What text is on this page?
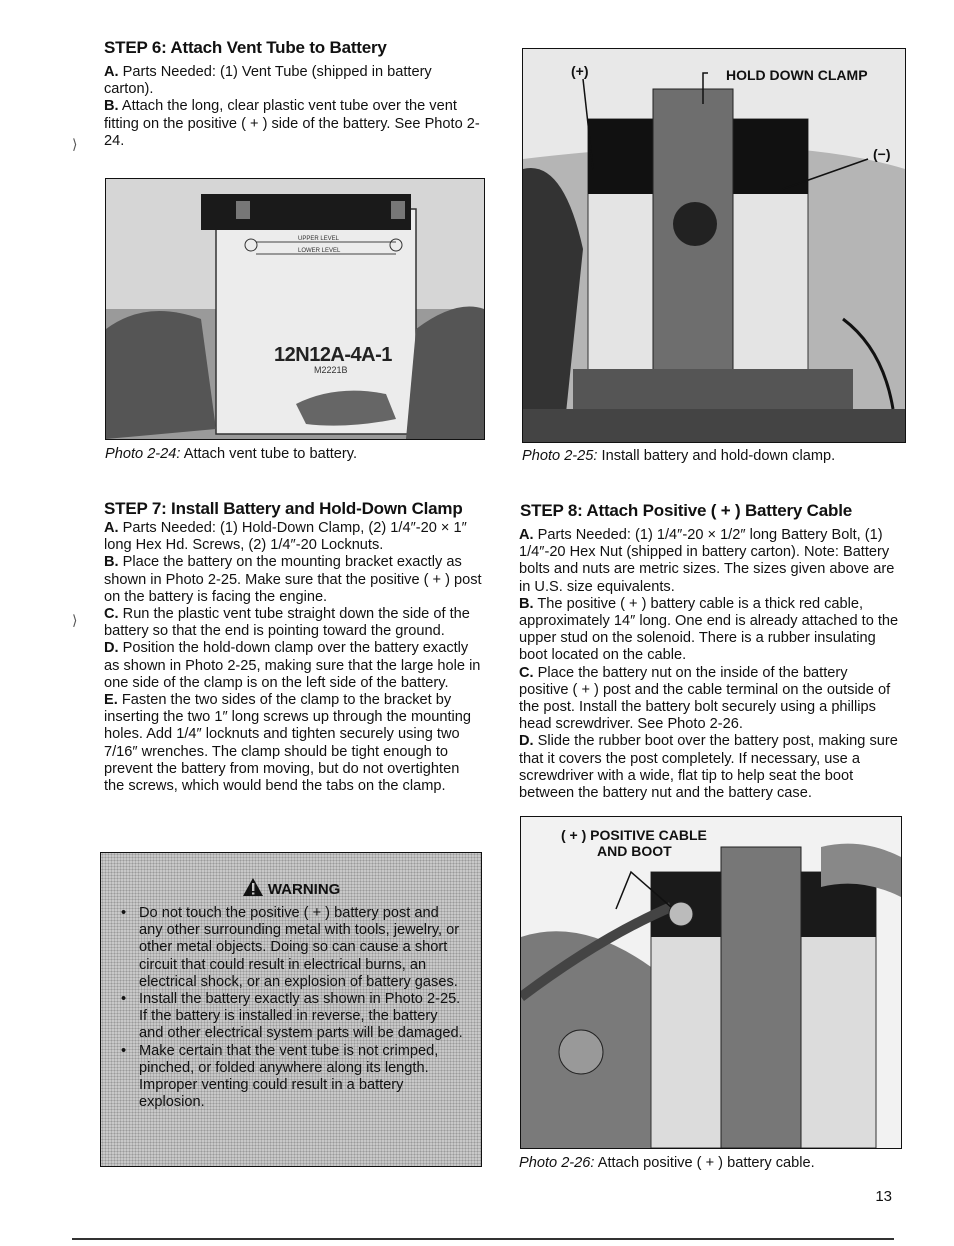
STEP 6: Attach Vent Tube to Battery

A. Parts Needed: (1) Vent Tube (shipped in battery carton).

B. Attach the long, clear plastic vent tube over the vent fitting on the positive ( + ) side of the battery. See Photo 2-24.

⟩
UPPER LEVEL
LOWER LEVEL
12N12A-4A-1
M2221B

Photo 2-24: Attach vent tube to battery.

STEP 7: Install Battery and Hold-Down Clamp

A. Parts Needed: (1) Hold-Down Clamp, (2) 1/4″-20 × 1″ long Hex Hd. Screws, (2) 1/4″-20 Locknuts.

B. Place the battery on the mounting bracket exactly as shown in Photo 2-25. Make sure that the positive ( + ) post on the battery is facing the engine.

C. Run the plastic vent tube straight down the side of the battery so that the end is pointing toward the ground.

D. Position the hold-down clamp over the battery exactly as shown in Photo 2-25, making sure that the large hole in one side of the clamp is on the left side of the battery.

E. Fasten the two sides of the clamp to the bracket by inserting the two 1″ long screws up through the mounting holes. Add 1/4″ locknuts and tighten securely using two 7/16″ wrenches. The clamp should be tight enough to prevent the battery from moving, but do not overtighten the screws, which would bend the tabs on the clamp.

⟩
WARNING
• Do not touch the positive ( + ) battery post and any other surrounding metal with tools, jewelry, or other metal objects. Doing so can cause a short circuit that could result in electrical burns, an electrical shock, or an explosion of battery gases.
• Install the battery exactly as shown in Photo 2-25. If the battery is installed in reverse, the battery and other electrical system parts will be damaged.
• Make certain that the vent tube is not crimped, pinched, or folded anywhere along its length. Improper venting could result in a battery explosion.
(+)	HOLD DOWN CLAMP
(−)

Photo 2-25: Install battery and hold-down clamp.

STEP 8: Attach Positive ( + ) Battery Cable

A. Parts Needed: (1) 1/4″-20 × 1/2″ long Battery Bolt, (1) 1/4″-20 Hex Nut (shipped in battery carton). Note: Battery bolts and nuts are metric sizes. The sizes given above are in U.S. size equivalents.

B. The positive ( + ) battery cable is a thick red cable, approximately 14″ long. One end is already attached to the upper stud on the solenoid. There is a rubber insulating boot located on the cable.

C. Place the battery nut on the inside of the battery positive ( + ) post and the cable terminal on the outside of the post. Install the battery bolt securely using a phillips head screwdriver. See Photo 2-26.

D. Slide the rubber boot over the battery post, making sure that it covers the post completely. If necessary, use a screwdriver with a wide, flat tip to help seat the boot between the battery nut and the battery case.

( + ) POSITIVE CABLE
AND BOOT

Photo 2-26: Attach positive ( + ) battery cable.

13
